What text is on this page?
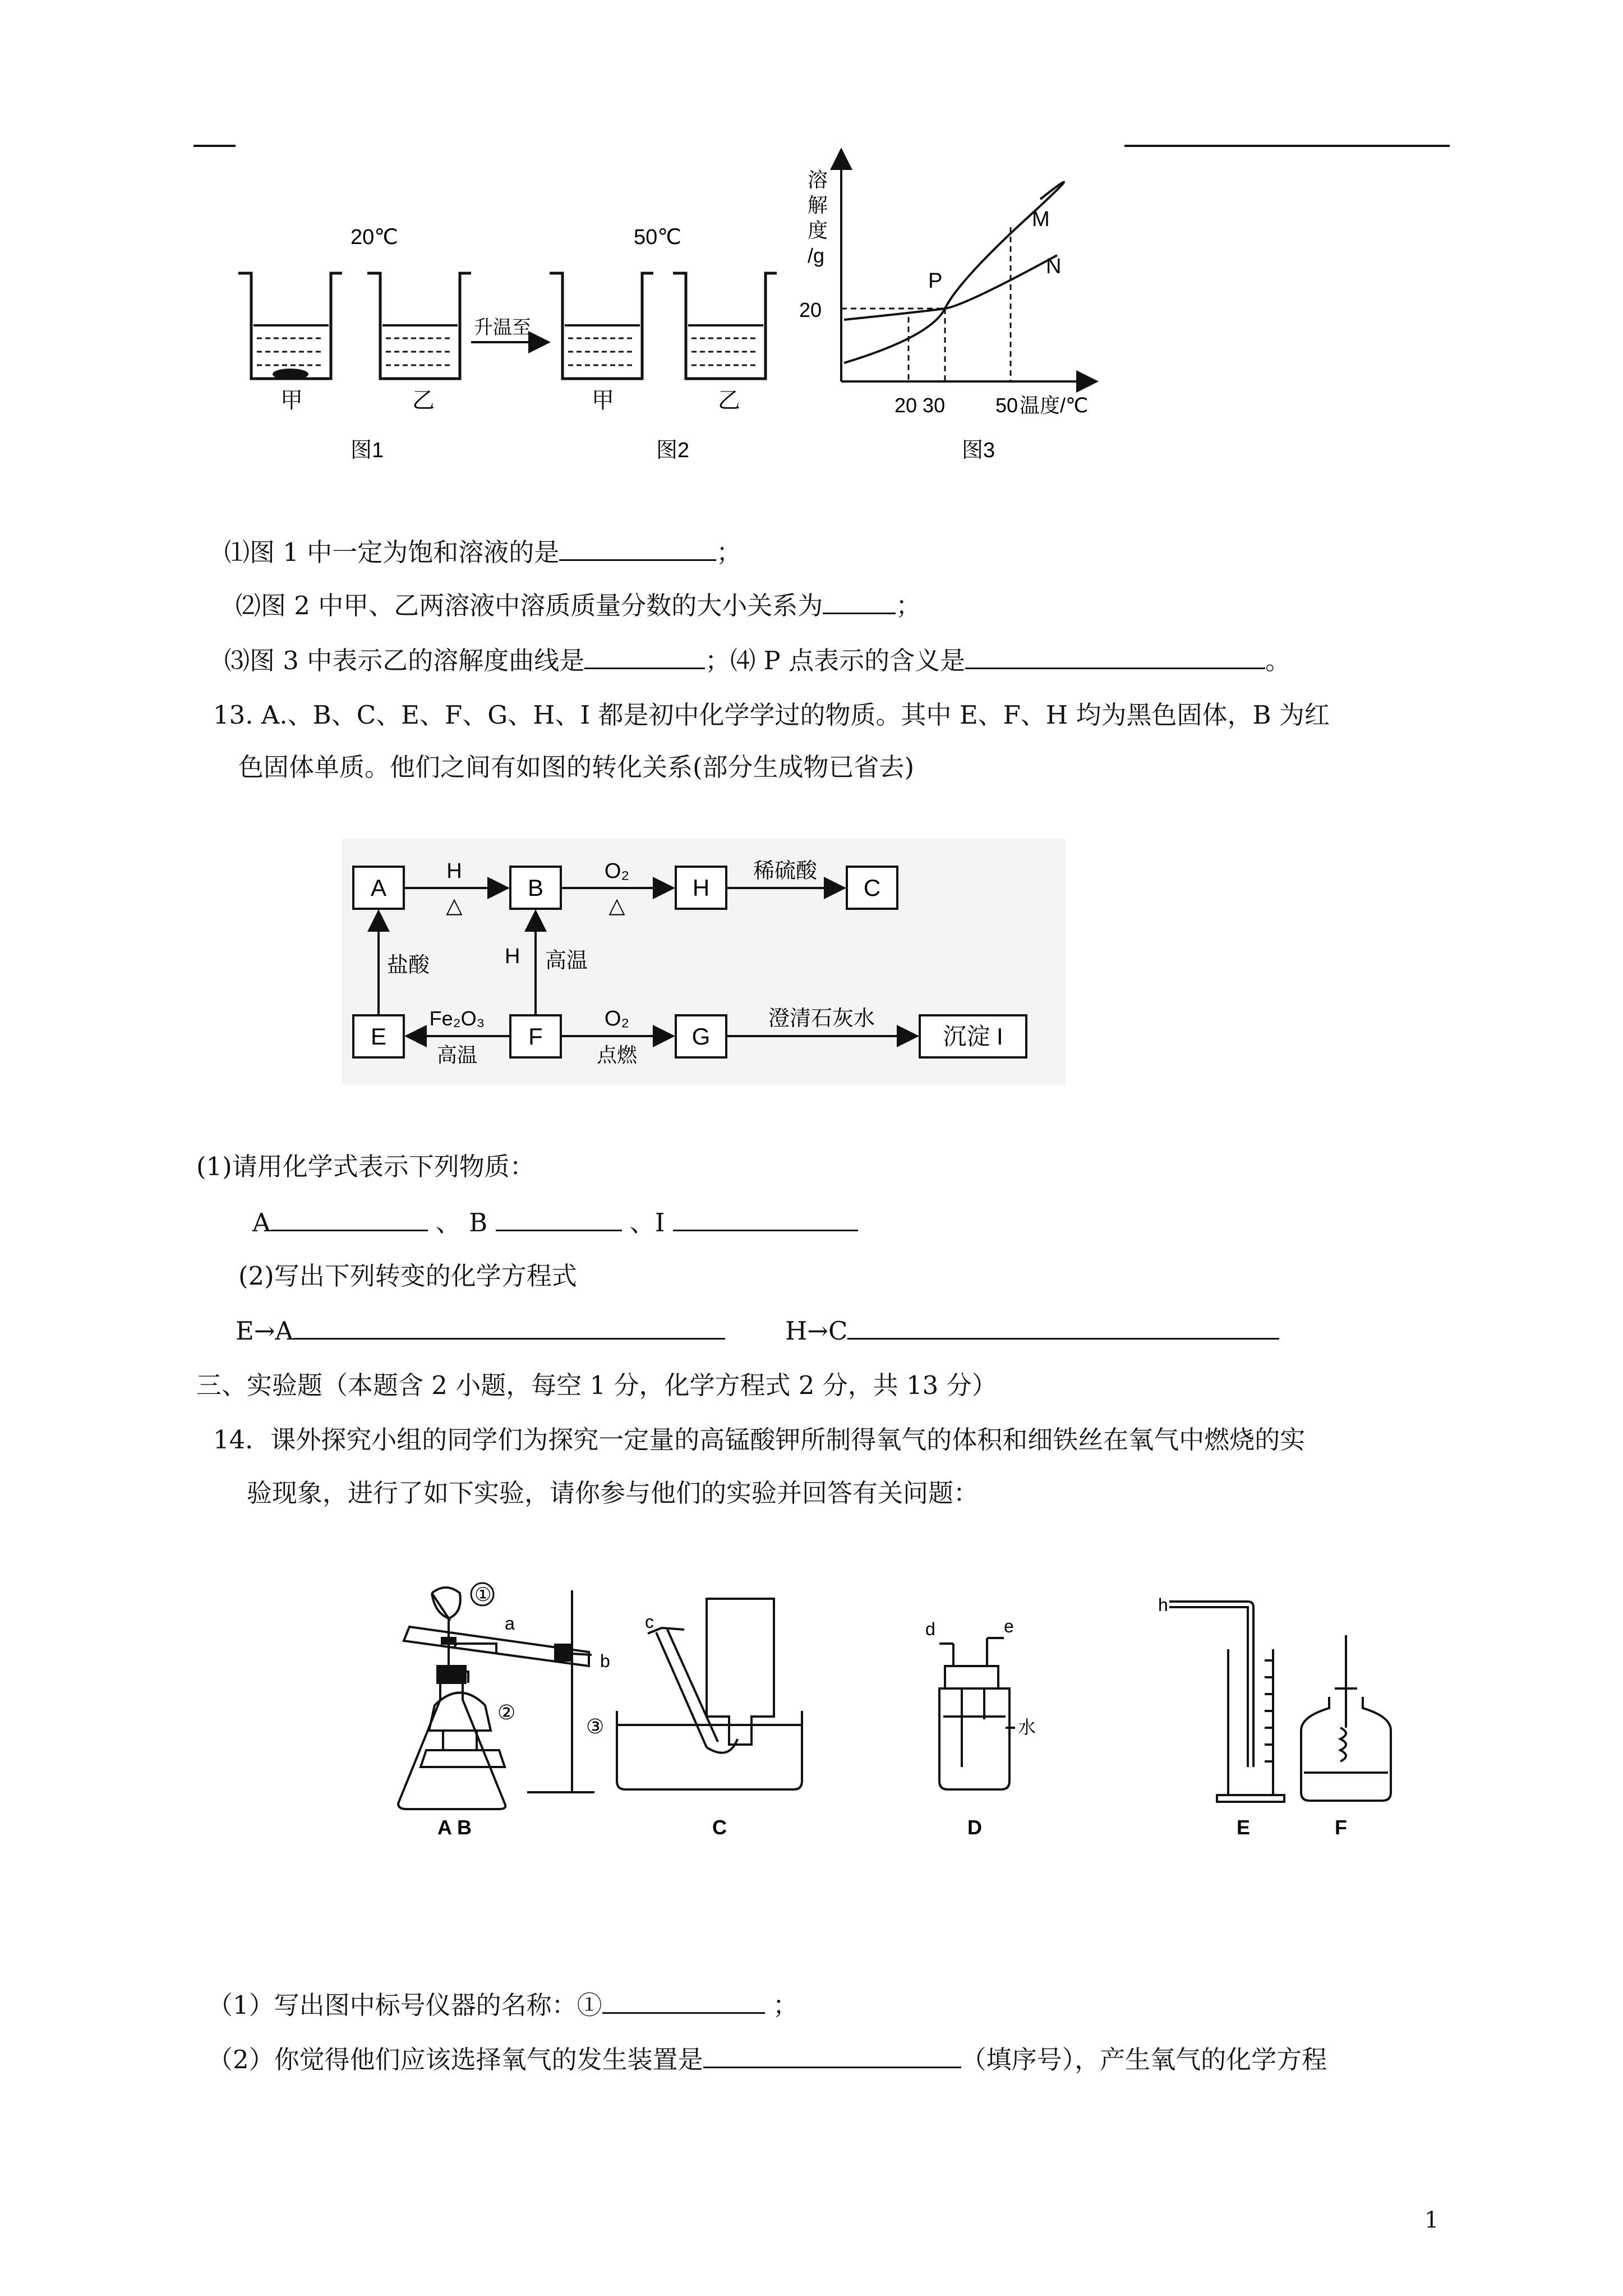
20℃
甲	乙
图1
升温至
50℃
甲	乙
图2
溶
解
度
/g
20
P
M
N
20 30 50 温度/℃
图3
⑴图 1 中一定为饱和溶液的是	；
⑵图 2 中甲、乙两溶液中溶质质量分数的大小关系为	；
⑶图 3 中表示乙的溶解度曲线是	；⑷ P 点表示的含义是	。
13. A.、B、C、E、F、G、H、I 都是初中化学学过的物质。其中 E、F、H 均为黑色固体，B 为红
色固体单质。他们之间有如图的转化关系(部分生成物已省去)
A	B	H	C
E	F	G	沉淀 I
H
△
O₂
△
稀硫酸
盐酸	H 高温
Fe₂O₃
高温
O₂
点燃
澄清石灰水
(1)请用化学式表示下列物质：
A	、 B	、I
(2)写出下列转变的化学方程式
E→A	H→C
三、实验题（本题含 2 小题，每空 1 分，化学方程式 2 分，共 13 分）
14．课外探究小组的同学们为探究一定量的高锰酸钾所制得氧气的体积和细铁丝在氧气中燃烧的实
验现象，进行了如下实验，请你参与他们的实验并回答有关问题：
①
a
②
b
c
③
d	e
水
h
A B	C	D	E	F
（1）写出图中标号仪器的名称：①	；
（2）你觉得他们应该选择氧气的发生装置是	（填序号），产生氧气的化学方程
1
